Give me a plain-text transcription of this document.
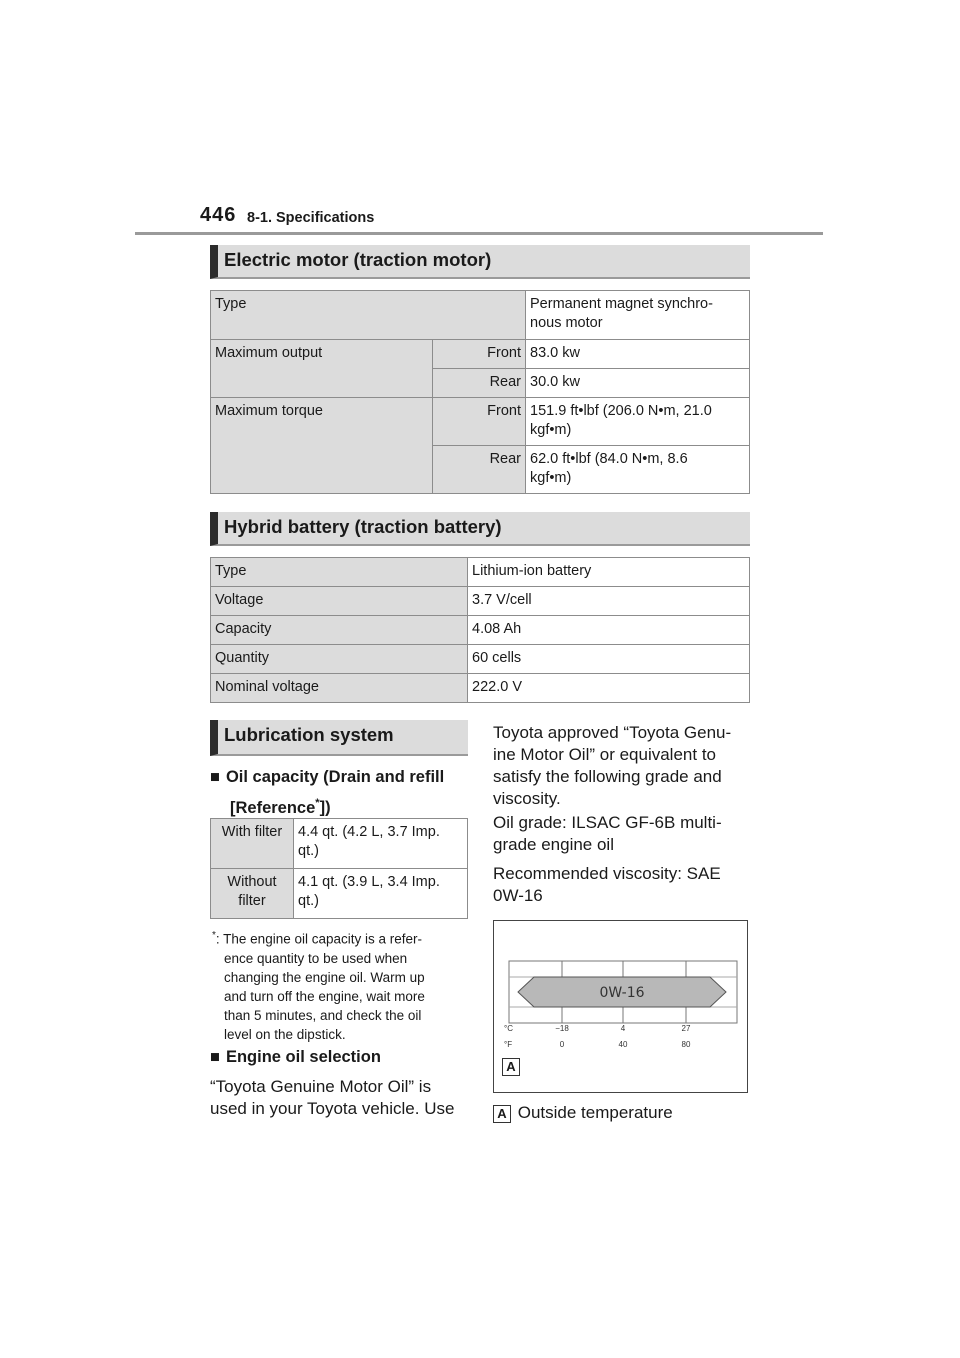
446 8-1. Specifications
Electric motor (traction motor)
Type		Permanent magnet synchro-
nous motor
Maximum output	Front	83.0 kw
	Rear	30.0 kw
Maximum torque	Front	151.9 ft•lbf (206.0 N•m, 21.0
kgf•m)
	Rear	62.0 ft•lbf (84.0 N•m, 8.6
kgf•m)
Hybrid battery (traction battery)
Type	Lithium-ion battery
Voltage	3.7 V/cell
Capacity	4.08 Ah
Quantity	60 cells
Nominal voltage	222.0 V
Lubrication system
■ Oil capacity (Drain and refill
[Reference*])
With filter	4.4 qt. (4.2 L, 3.7 Imp.
qt.)
Without
filter	4.1 qt. (3.9 L, 3.4 Imp.
qt.)
*: The engine oil capacity is a refer-
ence quantity to be used when
changing the engine oil. Warm up
and turn off the engine, wait more
than 5 minutes, and check the oil
level on the dipstick.
■ Engine oil selection
“Toyota Genuine Motor Oil” is
used in your Toyota vehicle. Use
Toyota approved “Toyota Genu-
ine Motor Oil” or equivalent to
satisfy the following grade and
viscosity.
Oil grade: ILSAC GF-6B multi-
grade engine oil
Recommended viscosity: SAE
0W-16
0W-16
°C
°F
−18	4	27
0	40	80
A
A Outside temperature
